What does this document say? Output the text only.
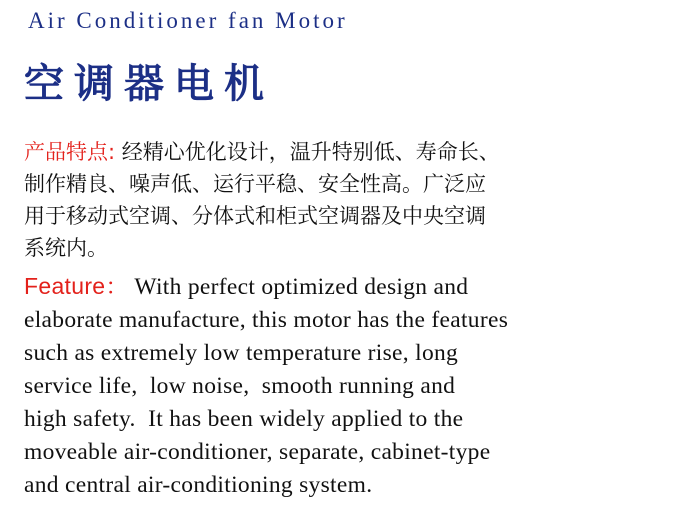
Air Conditioner fan Motor
空调器电机
产品特点: 经精心优化设计，温升特别低、寿命长、
制作精良、噪声低、运行平稳、安全性高。广泛应
用于移动式空调、分体式和柜式空调器及中央空调
系统内。
Feature： With perfect optimized design and
elaborate manufacture, this motor has the features
such as extremely low temperature rise, long
service life,  low noise,  smooth running and
high safety.  It has been widely applied to the
moveable air-conditioner, separate, cabinet-type
and central air-conditioning system.
